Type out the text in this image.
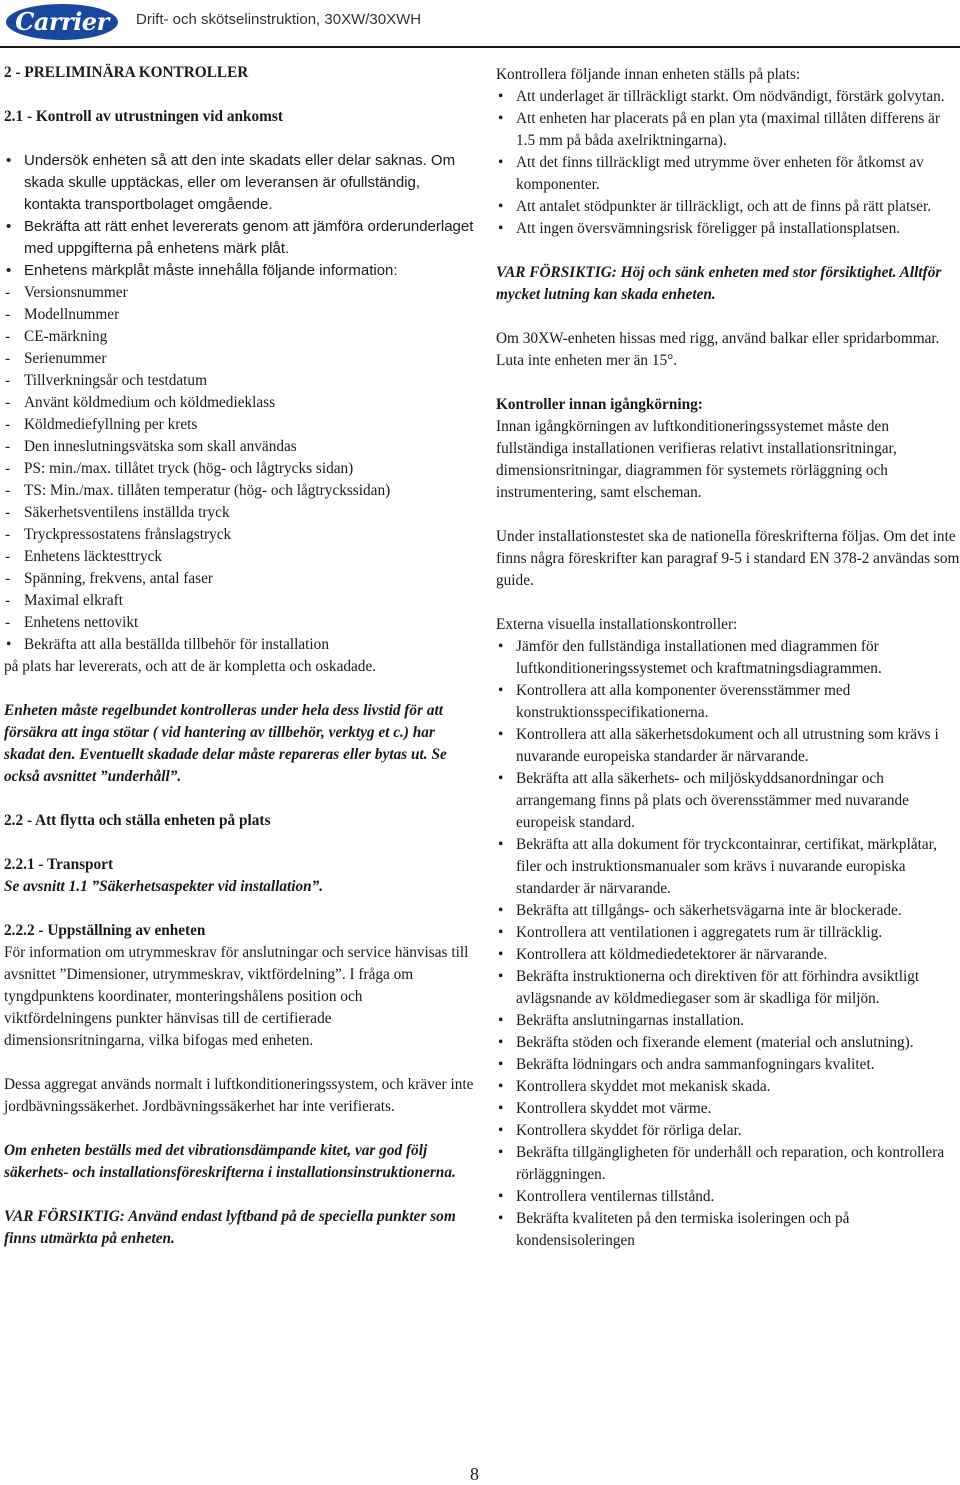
Carrier	Drift- och skötselinstruktion, 30XW/30XWH

2 - PRELIMINÄRA KONTROLLER

2.1 - Kontroll av utrustningen vid ankomst

• Undersök enheten så att den inte skadats eller delar saknas. Om skada skulle upptäckas, eller om leveransen är ofullständig, kontakta transportbolaget omgående.
• Bekräfta att rätt enhet levererats genom att jämföra orderunderlaget med uppgifterna på enhetens märk plåt.
• Enhetens märkplåt måste innehålla följande information:
- Versionsnummer
- Modellnummer
- CE-märkning
- Serienummer
- Tillverkningsår och testdatum
- Använt köldmedium och köldmedieklass
- Köldmediefyllning per krets
- Den inneslutningsvätska som skall användas
- PS: min./max. tillåtet tryck (hög- och lågtrycks sidan)
- TS: Min./max. tillåten temperatur (hög- och lågtryckssidan)
- Säkerhetsventilens inställda tryck
- Tryckpressostatens frånslagstryck
- Enhetens läcktesttryck
- Spänning, frekvens, antal faser
- Maximal elkraft
- Enhetens nettovikt
• Bekräfta att alla beställda tillbehör för installation

på plats har levererats, och att de är kompletta och oskadade.

Enheten måste regelbundet kontrolleras under hela dess livstid för att försäkra att inga stötar ( vid hantering av tillbehör, verktyg et c.) har skadat den. Eventuellt skadade delar måste repareras eller bytas ut. Se också avsnittet ”underhåll”.

2.2 - Att flytta och ställa enheten på plats

2.2.1 - Transport

Se avsnitt 1.1 ”Säkerhetsaspekter vid installation”.

2.2.2 - Uppställning av enheten

För information om utrymmeskrav för anslutningar och service hänvisas till avsnittet ”Dimensioner, utrymmeskrav, viktfördelning”. I fråga om tyngdpunktens koordinater, monteringshålens position och viktfördelningens punkter hänvisas till de certifierade dimensionsritningarna, vilka bifogas med enheten.

Dessa aggregat används normalt i luftkonditioneringssystem, och kräver inte jordbävningssäkerhet. Jordbävningssäkerhet har inte verifierats.

Om enheten beställs med det vibrationsdämpande kitet, var god följ säkerhets- och installationsföreskrifterna i installationsinstruktionerna.

VAR FÖRSIKTIG: Använd endast lyftband på de speciella punkter som finns utmärkta på enheten.

Kontrollera följande innan enheten ställs på plats:

• Att underlaget är tillräckligt starkt. Om nödvändigt, förstärk golvytan.
• Att enheten har placerats på en plan yta (maximal tillåten differens är 1.5 mm på båda axelriktningarna).
• Att det finns tillräckligt med utrymme över enheten för åtkomst av komponenter.
• Att antalet stödpunkter är tillräckligt, och att de finns på rätt platser.
• Att ingen översvämningsrisk föreligger på installationsplatsen.

VAR FÖRSIKTIG: Höj och sänk enheten med stor försiktighet. Alltför mycket lutning kan skada enheten.

Om 30XW-enheten hissas med rigg, använd balkar eller spridarbommar. Luta inte enheten mer än 15°.

Kontroller innan igångkörning:

Innan igångkörningen av luftkonditioneringssystemet måste den fullständiga installationen verifieras relativt installationsritningar, dimensionsritningar, diagrammen för systemets rörläggning och instrumentering, samt elscheman.

Under installationstestet ska de nationella föreskrifterna följas. Om det inte finns några föreskrifter kan paragraf 9-5 i standard EN 378-2 användas som guide.

Externa visuella installationskontroller:

• Jämför den fullständiga installationen med diagrammen för luftkonditioneringssystemet och kraftmatningsdiagrammen.
• Kontrollera att alla komponenter överensstämmer med konstruktionsspecifikationerna.
• Kontrollera att alla säkerhetsdokument och all utrustning som krävs i nuvarande europeiska standarder är närvarande.
• Bekräfta att alla säkerhets- och miljöskyddsanordningar och arrangemang finns på plats och överensstämmer med nuvarande europeisk standard.
• Bekräfta att alla dokument för tryckcontainrar, certifikat, märkplåtar, filer och instruktionsmanualer som krävs i nuvarande europiska standarder är närvarande.
• Bekräfta att tillgångs- och säkerhetsvägarna inte är blockerade.
• Kontrollera att ventilationen i aggregatets rum är tillräcklig.
• Kontrollera att köldmediedetektorer är närvarande.
• Bekräfta instruktionerna och direktiven för att förhindra avsiktligt avlägsnande av köldmediegaser som är skadliga för miljön.
• Bekräfta anslutningarnas installation.
• Bekräfta stöden och fixerande element (material och anslutning).
• Bekräfta lödningars och andra sammanfogningars kvalitet.
• Kontrollera skyddet mot mekanisk skada.
• Kontrollera skyddet mot värme.
• Kontrollera skyddet för rörliga delar.
• Bekräfta tillgängligheten för underhåll och reparation, och kontrollera rörläggningen.
• Kontrollera ventilernas tillstånd.
• Bekräfta kvaliteten på den termiska isoleringen och på kondensisoleringen
8
